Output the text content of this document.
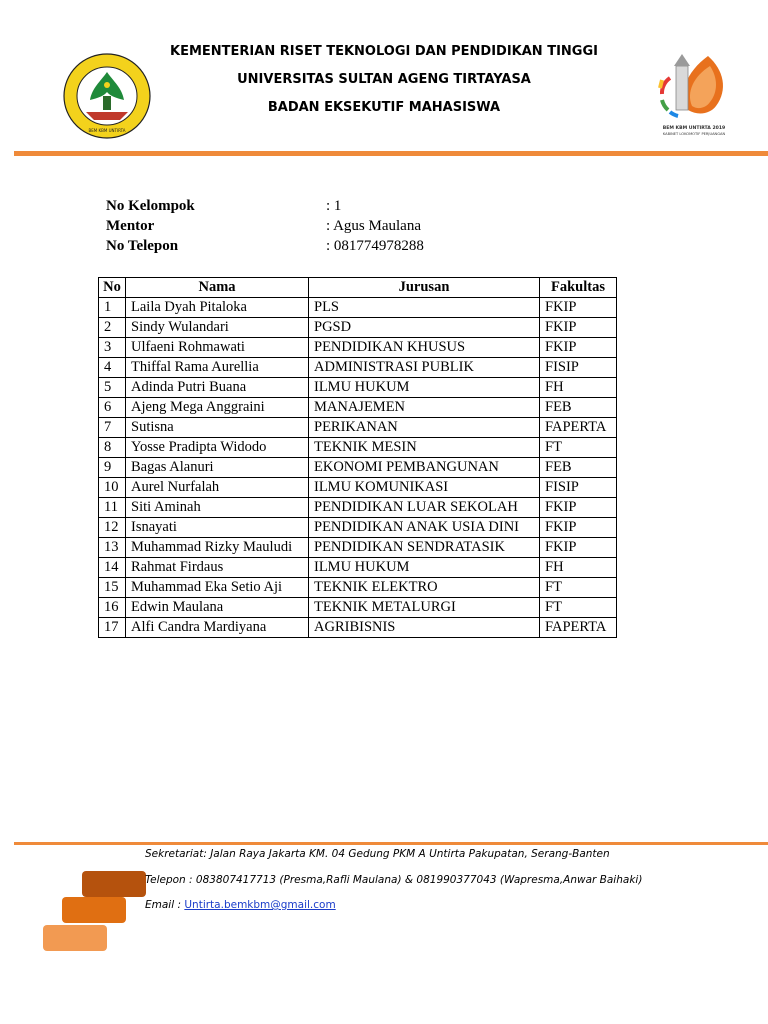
BEM KBM UNTIRTA	BEM KBM UNTIRTA 2019
KABINET LOKOMOTIF PERJUANGAN
KEMENTERIAN RISET TEKNOLOGI DAN PENDIDIKAN TINGGI
UNIVERSITAS SULTAN AGENG TIRTAYASA
BADAN EKSEKUTIF MAHASISWA
No Kelompok	: 1
Mentor	: Agus Maulana
No Telepon	: 081774978288
No	Nama	Jurusan	Fakultas
1	Laila Dyah Pitaloka	PLS	FKIP
2	Sindy Wulandari	PGSD	FKIP
3	Ulfaeni Rohmawati	PENDIDIKAN KHUSUS	FKIP
4	Thiffal Rama Aurellia	ADMINISTRASI PUBLIK	FISIP
5	Adinda Putri Buana	ILMU HUKUM	FH
6	Ajeng Mega Anggraini	MANAJEMEN	FEB
7	Sutisna	PERIKANAN	FAPERTA
8	Yosse Pradipta Widodo	TEKNIK MESIN	FT
9	Bagas Alanuri	EKONOMI PEMBANGUNAN	FEB
10	Aurel Nurfalah	ILMU KOMUNIKASI	FISIP
11	Siti Aminah	PENDIDIKAN LUAR SEKOLAH	FKIP
12	Isnayati	PENDIDIKAN ANAK USIA DINI	FKIP
13	Muhammad Rizky Mauludi	PENDIDIKAN SENDRATASIK	FKIP
14	Rahmat Firdaus	ILMU HUKUM	FH
15	Muhammad Eka Setio Aji	TEKNIK ELEKTRO	FT
16	Edwin Maulana	TEKNIK METALURGI	FT
17	Alfi Candra Mardiyana	AGRIBISNIS	FAPERTA
Sekretariat: Jalan Raya Jakarta KM. 04 Gedung PKM A Untirta Pakupatan, Serang-Banten
Telepon : 083807417713 (Presma,Rafli Maulana) & 081990377043 (Wapresma,Anwar Baihaki)
Email : Untirta.bemkbm@gmail.com
